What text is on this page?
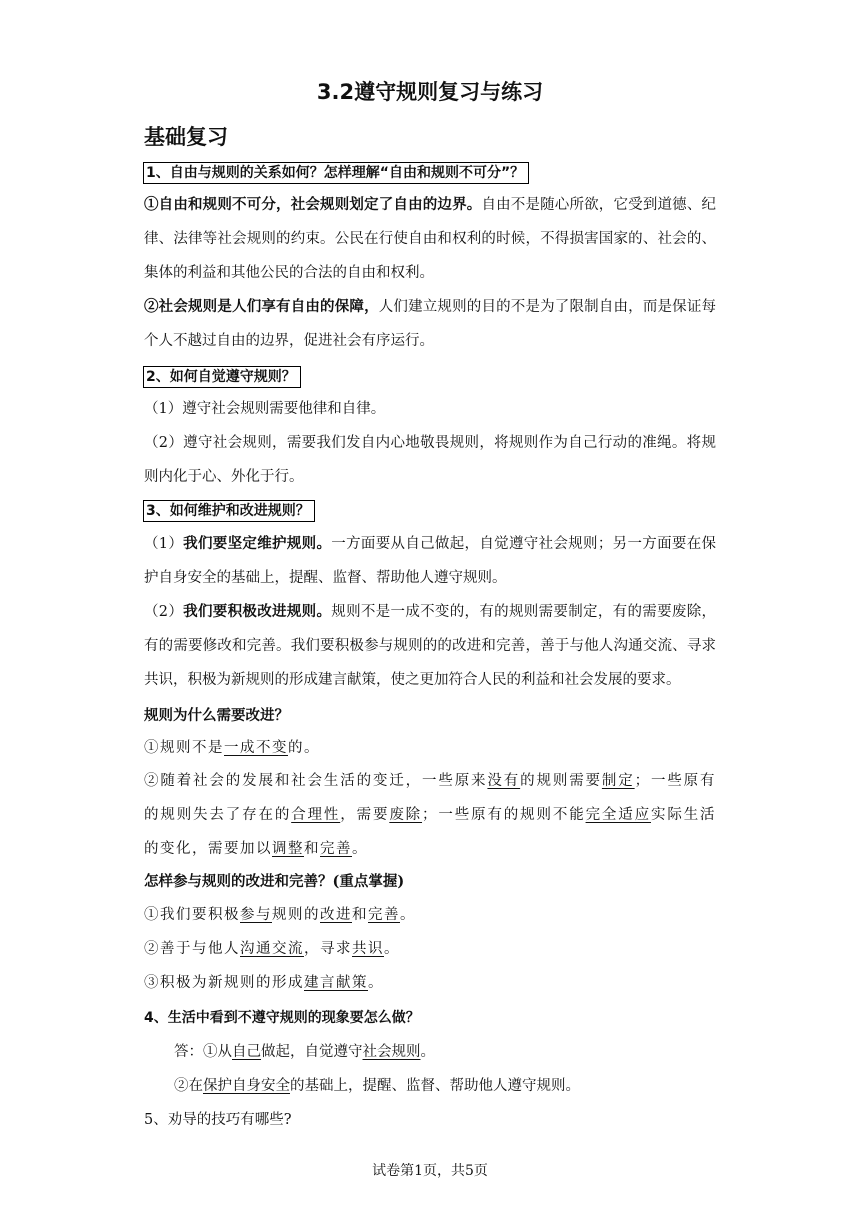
3.2遵守规则复习与练习
基础复习
1、自由与规则的关系如何？怎样理解“自由和规则不可分”？

①自由和规则不可分，社会规则划定了自由的边界。自由不是随心所欲，它受到道德、纪律、法律等社会规则的约束。公民在行使自由和权利的时候，不得损害国家的、社会的、集体的利益和其他公民的合法的自由和权利。

②社会规则是人们享有自由的保障，人们建立规则的目的不是为了限制自由，而是保证每个人不越过自由的边界，促进社会有序运行。

2、如何自觉遵守规则？

（1）遵守社会规则需要他律和自律。

（2）遵守社会规则，需要我们发自内心地敬畏规则，将规则作为自己行动的准绳。将规则内化于心、外化于行。

3、如何维护和改进规则？

（1）我们要坚定维护规则。一方面要从自己做起，自觉遵守社会规则；另一方面要在保护自身安全的基础上，提醒、监督、帮助他人遵守规则。

（2）我们要积极改进规则。规则不是一成不变的，有的规则需要制定，有的需要废除，有的需要修改和完善。我们要积极参与规则的的改进和完善，善于与他人沟通交流、寻求共识，积极为新规则的形成建言献策，使之更加符合人民的利益和社会发展的要求。

规则为什么需要改进？
①规则不是一成不变的。

②随着社会的发展和社会生活的变迁，一些原来没有的规则需要制定；一些原有的规则失去了存在的合理性，需要废除；一些原有的规则不能完全适应实际生活的变化，需要加以调整和完善。

怎样参与规则的改进和完善？(重点掌握)
①我们要积极参与规则的改进和完善。
②善于与他人沟通交流，寻求共识。
③积极为新规则的形成建言献策。
4、生活中看到不遵守规则的现象要怎么做？
答：①从自己做起，自觉遵守社会规则。
②在保护自身安全的基础上，提醒、监督、帮助他人遵守规则。
5、劝导的技巧有哪些?
试卷第1页，共5页
